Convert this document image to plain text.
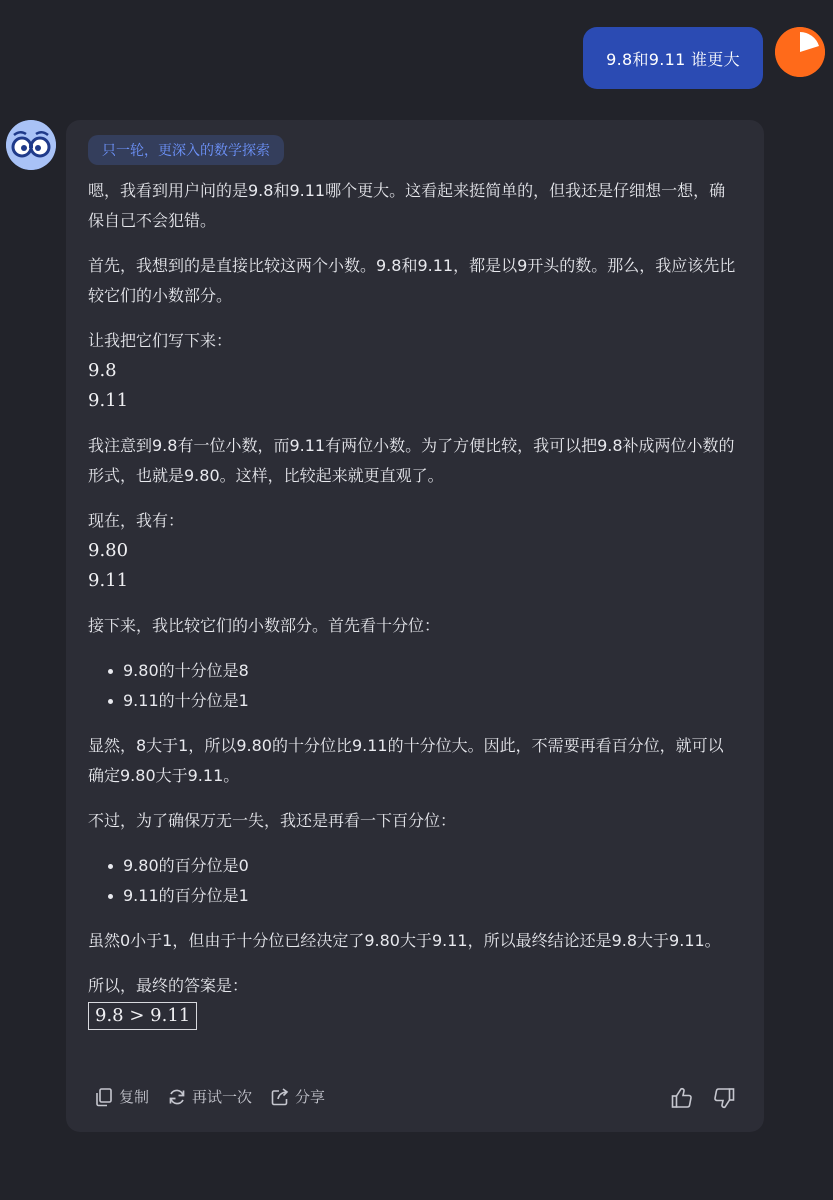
9.8和9.11 谁更大
只一轮，更深入的数学探索

嗯，我看到用户问的是9.8和9.11哪个更大。这看起来挺简单的，但我还是仔细想一想，确保自己不会犯错。

首先，我想到的是直接比较这两个小数。9.8和9.11，都是以9开头的数。那么，我应该先比较它们的小数部分。

让我把它们写下来：

9.8
9.11

我注意到9.8有一位小数，而9.11有两位小数。为了方便比较，我可以把9.8补成两位小数的形式，也就是9.80。这样，比较起来就更直观了。

现在，我有：

9.80
9.11

接下来，我比较它们的小数部分。首先看十分位：

9.80的十分位是8
9.11的十分位是1

显然，8大于1，所以9.80的十分位比9.11的十分位大。因此，不需要再看百分位，就可以确定9.80大于9.11。

不过，为了确保万无一失，我还是再看一下百分位：

9.80的百分位是0
9.11的百分位是1

虽然0小于1，但由于十分位已经决定了9.80大于9.11，所以最终结论还是9.8大于9.11。

所以，最终的答案是：

9.8 > 9.11
复制	再试一次	分享
